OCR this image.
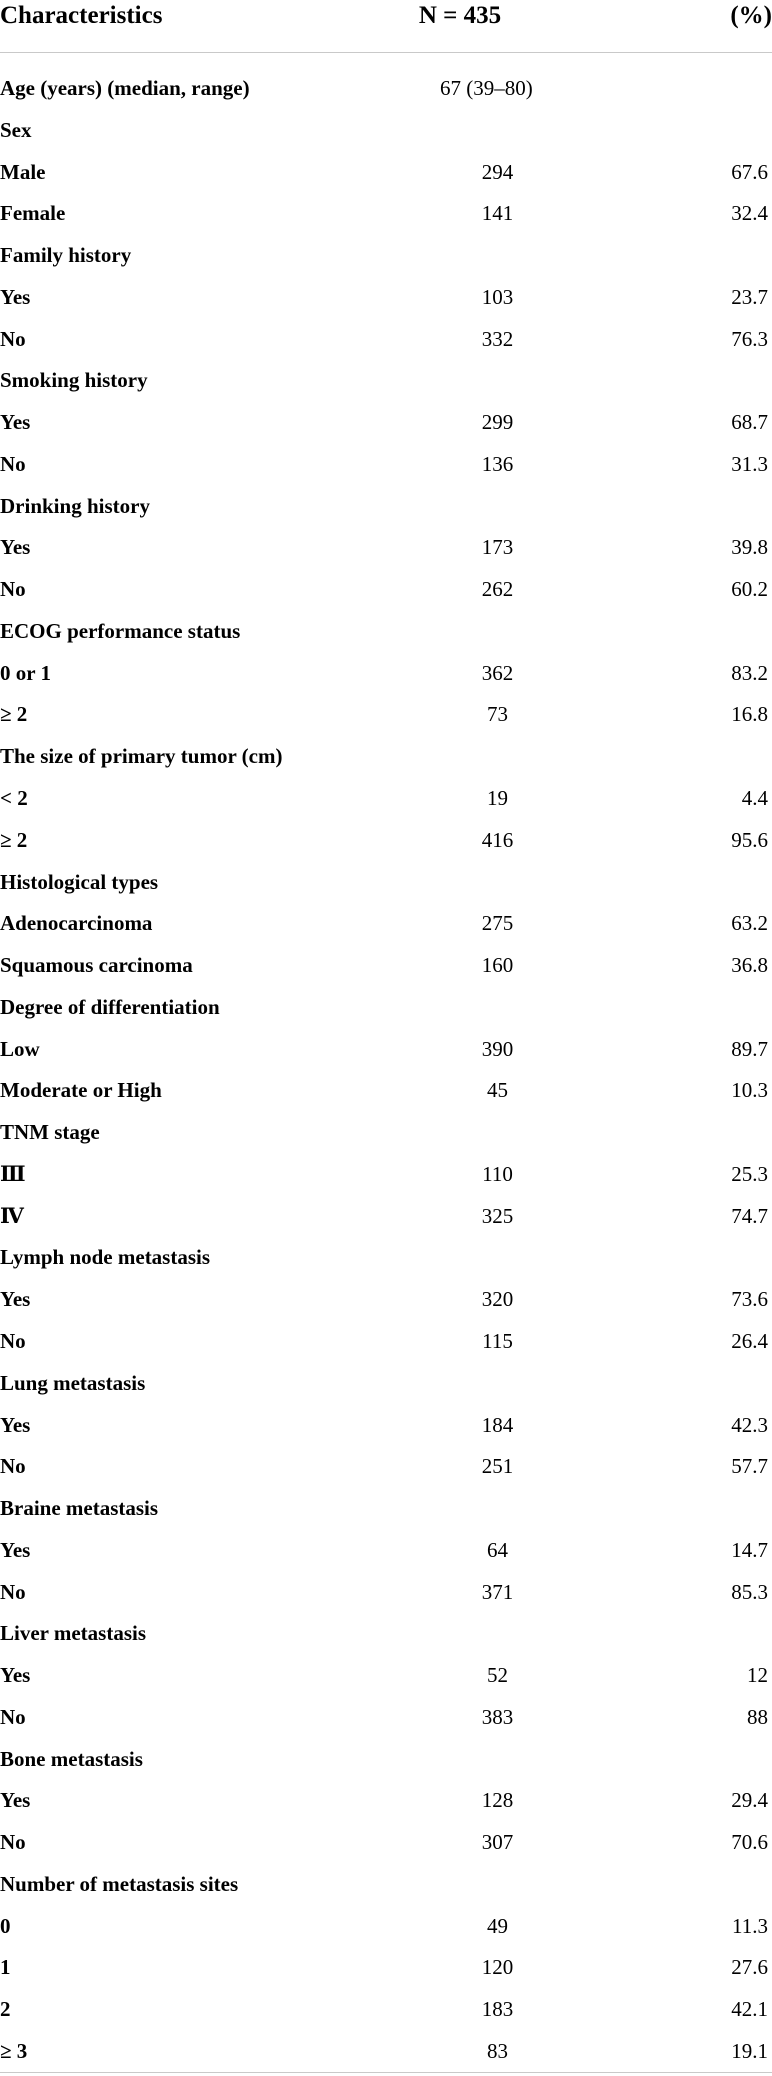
Characteristics	N = 435	(%)
Age (years) (median, range)	67 (39–80)
Sex
Male	294	67.6
Female	141	32.4
Family history
Yes	103	23.7
No	332	76.3
Smoking history
Yes	299	68.7
No	136	31.3
Drinking history
Yes	173	39.8
No	262	60.2
ECOG performance status
0 or 1	362	83.2
≥ 2	73	16.8
The size of primary tumor (cm)
< 2	19	4.4
≥ 2	416	95.6
Histological types
Adenocarcinoma	275	63.2
Squamous carcinoma	160	36.8
Degree of differentiation
Low	390	89.7
Moderate or High	45	10.3
TNM stage
Ⅲ	110	25.3
Ⅳ	325	74.7
Lymph node metastasis
Yes	320	73.6
No	115	26.4
Lung metastasis
Yes	184	42.3
No	251	57.7
Braine metastasis
Yes	64	14.7
No	371	85.3
Liver metastasis
Yes	52	12
No	383	88
Bone metastasis
Yes	128	29.4
No	307	70.6
Number of metastasis sites
0	49	11.3
1	120	27.6
2	183	42.1
≥ 3	83	19.1
